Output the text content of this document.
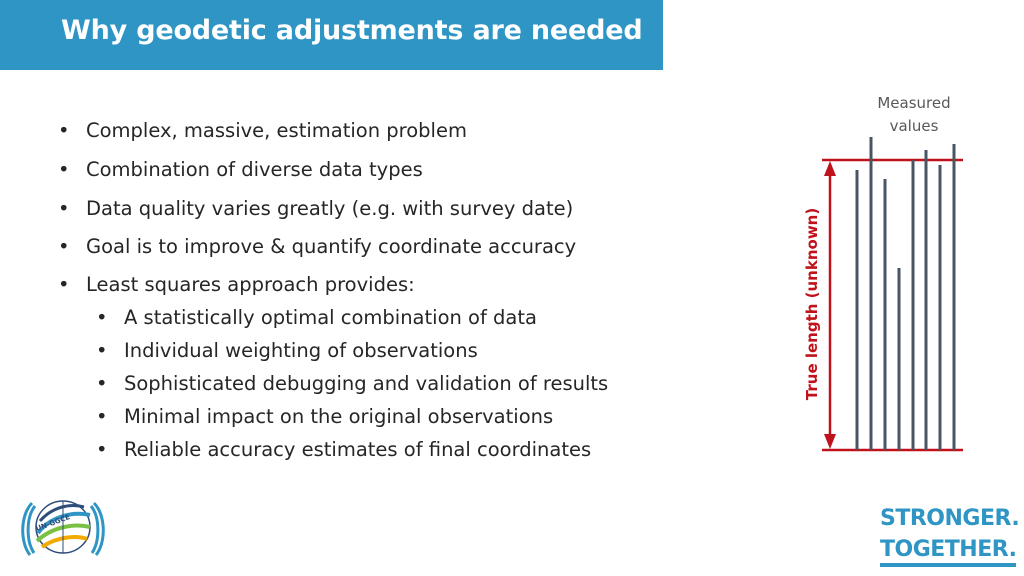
Why geodetic adjustments are needed
• Complex, massive, estimation problem
• Combination of diverse data types
• Data quality varies greatly (e.g. with survey date)
• Goal is to improve & quantify coordinate accuracy
• Least squares approach provides:
• A statistically optimal combination of data
• Individual weighting of observations
• Sophisticated debugging and validation of results
• Minimal impact on the original observations
• Reliable accuracy estimates of final coordinates
Measured values
True length (unknown)
UN-GGCE	STRONGER.
TOGETHER.
